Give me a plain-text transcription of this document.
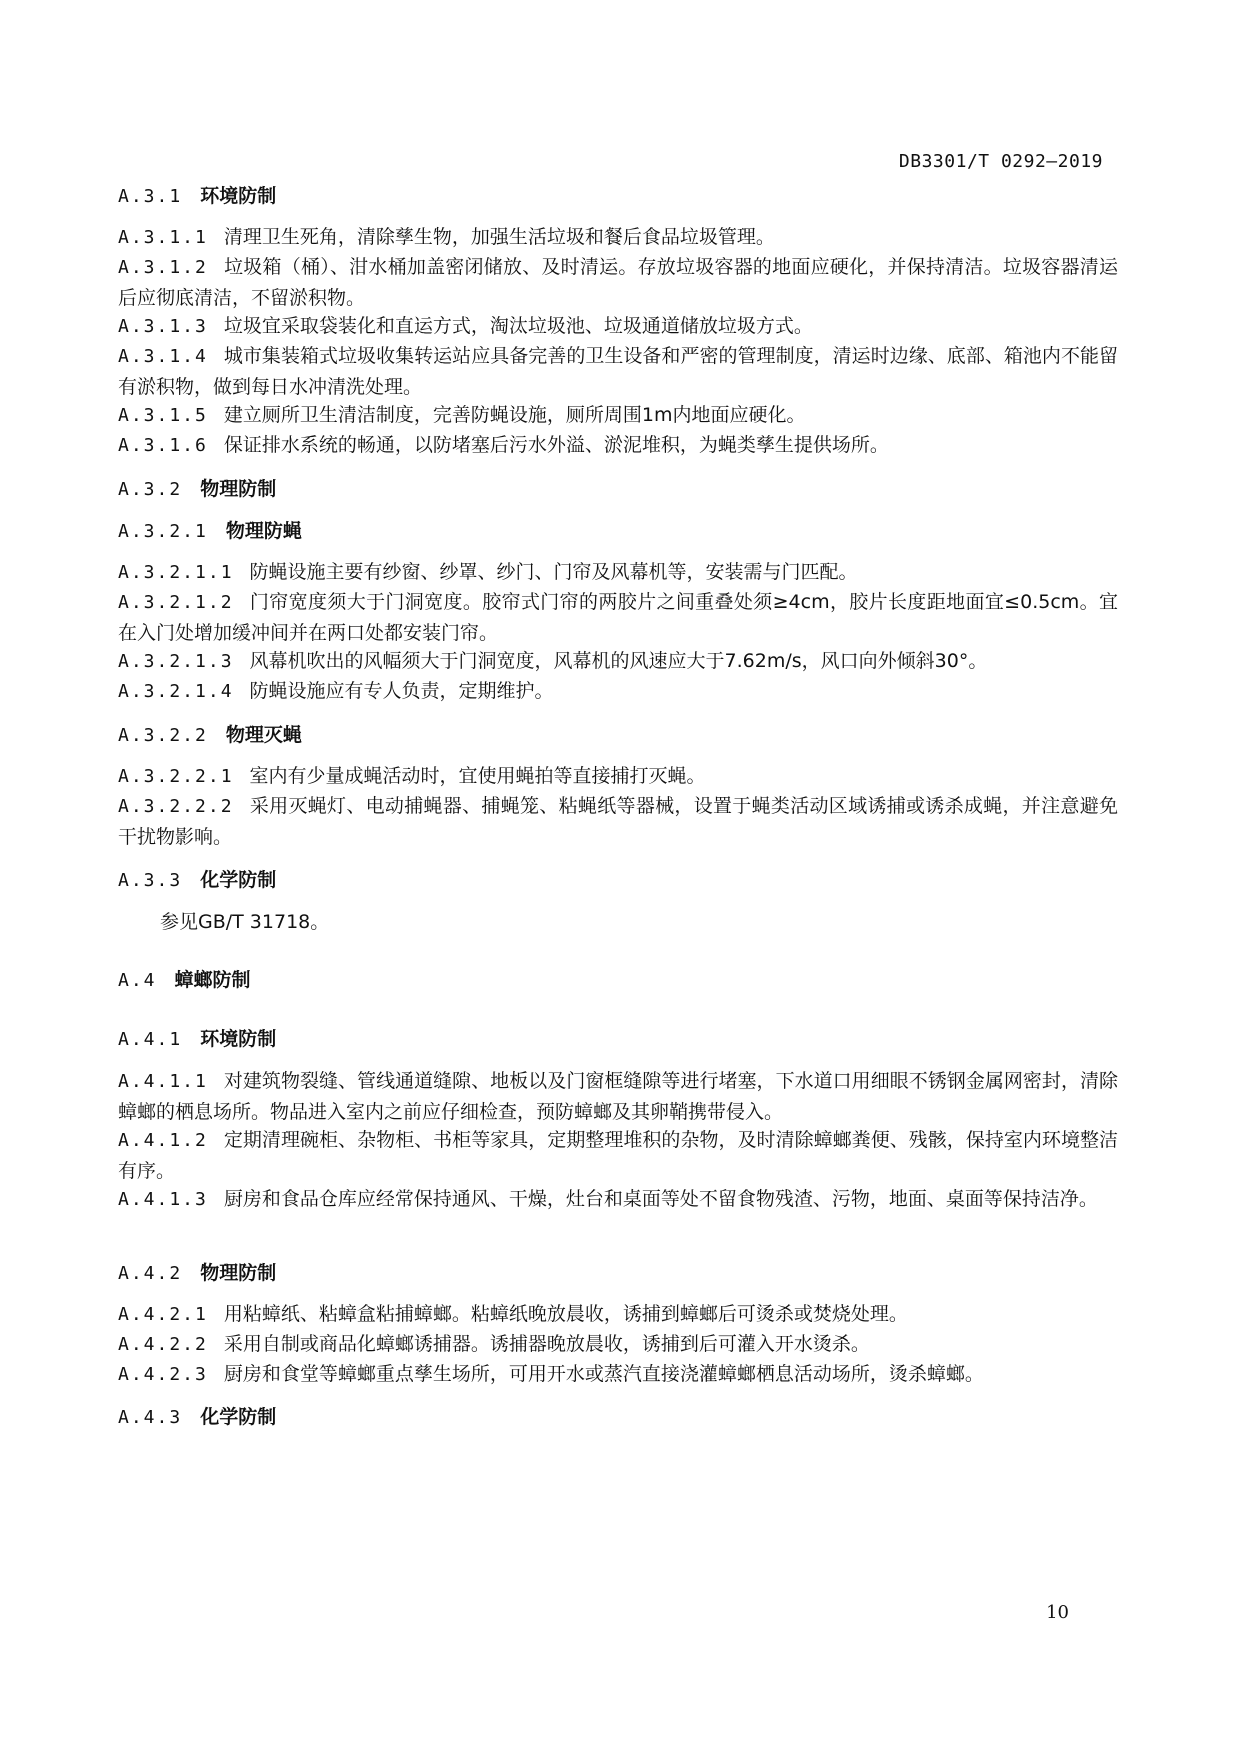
DB3301/T 0292—2019
A.3.1 环境防制
A.3.1.1 清理卫生死角，清除孳生物，加强生活垃圾和餐后食品垃圾管理。
A.3.1.2 垃圾箱（桶）、泔水桶加盖密闭储放、及时清运。存放垃圾容器的地面应硬化，并保持清洁。垃圾容器清运后应彻底清洁，不留淤积物。
A.3.1.3 垃圾宜采取袋装化和直运方式，淘汰垃圾池、垃圾通道储放垃圾方式。
A.3.1.4 城市集装箱式垃圾收集转运站应具备完善的卫生设备和严密的管理制度，清运时边缘、底部、箱池内不能留有淤积物，做到每日水冲清洗处理。
A.3.1.5 建立厕所卫生清洁制度，完善防蝇设施，厕所周围1m内地面应硬化。
A.3.1.6 保证排水系统的畅通，以防堵塞后污水外溢、淤泥堆积，为蝇类孳生提供场所。
A.3.2 物理防制
A.3.2.1 物理防蝇
A.3.2.1.1 防蝇设施主要有纱窗、纱罩、纱门、门帘及风幕机等，安装需与门匹配。
A.3.2.1.2 门帘宽度须大于门洞宽度。胶帘式门帘的两胶片之间重叠处须≥4cm，胶片长度距地面宜≤0.5cm。宜在入门处增加缓冲间并在两口处都安装门帘。
A.3.2.1.3 风幕机吹出的风幅须大于门洞宽度，风幕机的风速应大于7.62m/s，风口向外倾斜30°。
A.3.2.1.4 防蝇设施应有专人负责，定期维护。
A.3.2.2 物理灭蝇
A.3.2.2.1 室内有少量成蝇活动时，宜使用蝇拍等直接捕打灭蝇。
A.3.2.2.2 采用灭蝇灯、电动捕蝇器、捕蝇笼、粘蝇纸等器械，设置于蝇类活动区域诱捕或诱杀成蝇，并注意避免干扰物影响。
A.3.3 化学防制
参见GB/T 31718。
A.4 蟑螂防制
A.4.1 环境防制
A.4.1.1 对建筑物裂缝、管线通道缝隙、地板以及门窗框缝隙等进行堵塞，下水道口用细眼不锈钢金属网密封，清除蟑螂的栖息场所。物品进入室内之前应仔细检查，预防蟑螂及其卵鞘携带侵入。
A.4.1.2 定期清理碗柜、杂物柜、书柜等家具，定期整理堆积的杂物，及时清除蟑螂粪便、残骸，保持室内环境整洁有序。
A.4.1.3 厨房和食品仓库应经常保持通风、干燥，灶台和桌面等处不留食物残渣、污物，地面、桌面等保持洁净。
A.4.2 物理防制
A.4.2.1 用粘蟑纸、粘蟑盒粘捕蟑螂。粘蟑纸晚放晨收，诱捕到蟑螂后可烫杀或焚烧处理。
A.4.2.2 采用自制或商品化蟑螂诱捕器。诱捕器晚放晨收，诱捕到后可灌入开水烫杀。
A.4.2.3 厨房和食堂等蟑螂重点孳生场所，可用开水或蒸汽直接浇灌蟑螂栖息活动场所，烫杀蟑螂。
A.4.3 化学防制
10
